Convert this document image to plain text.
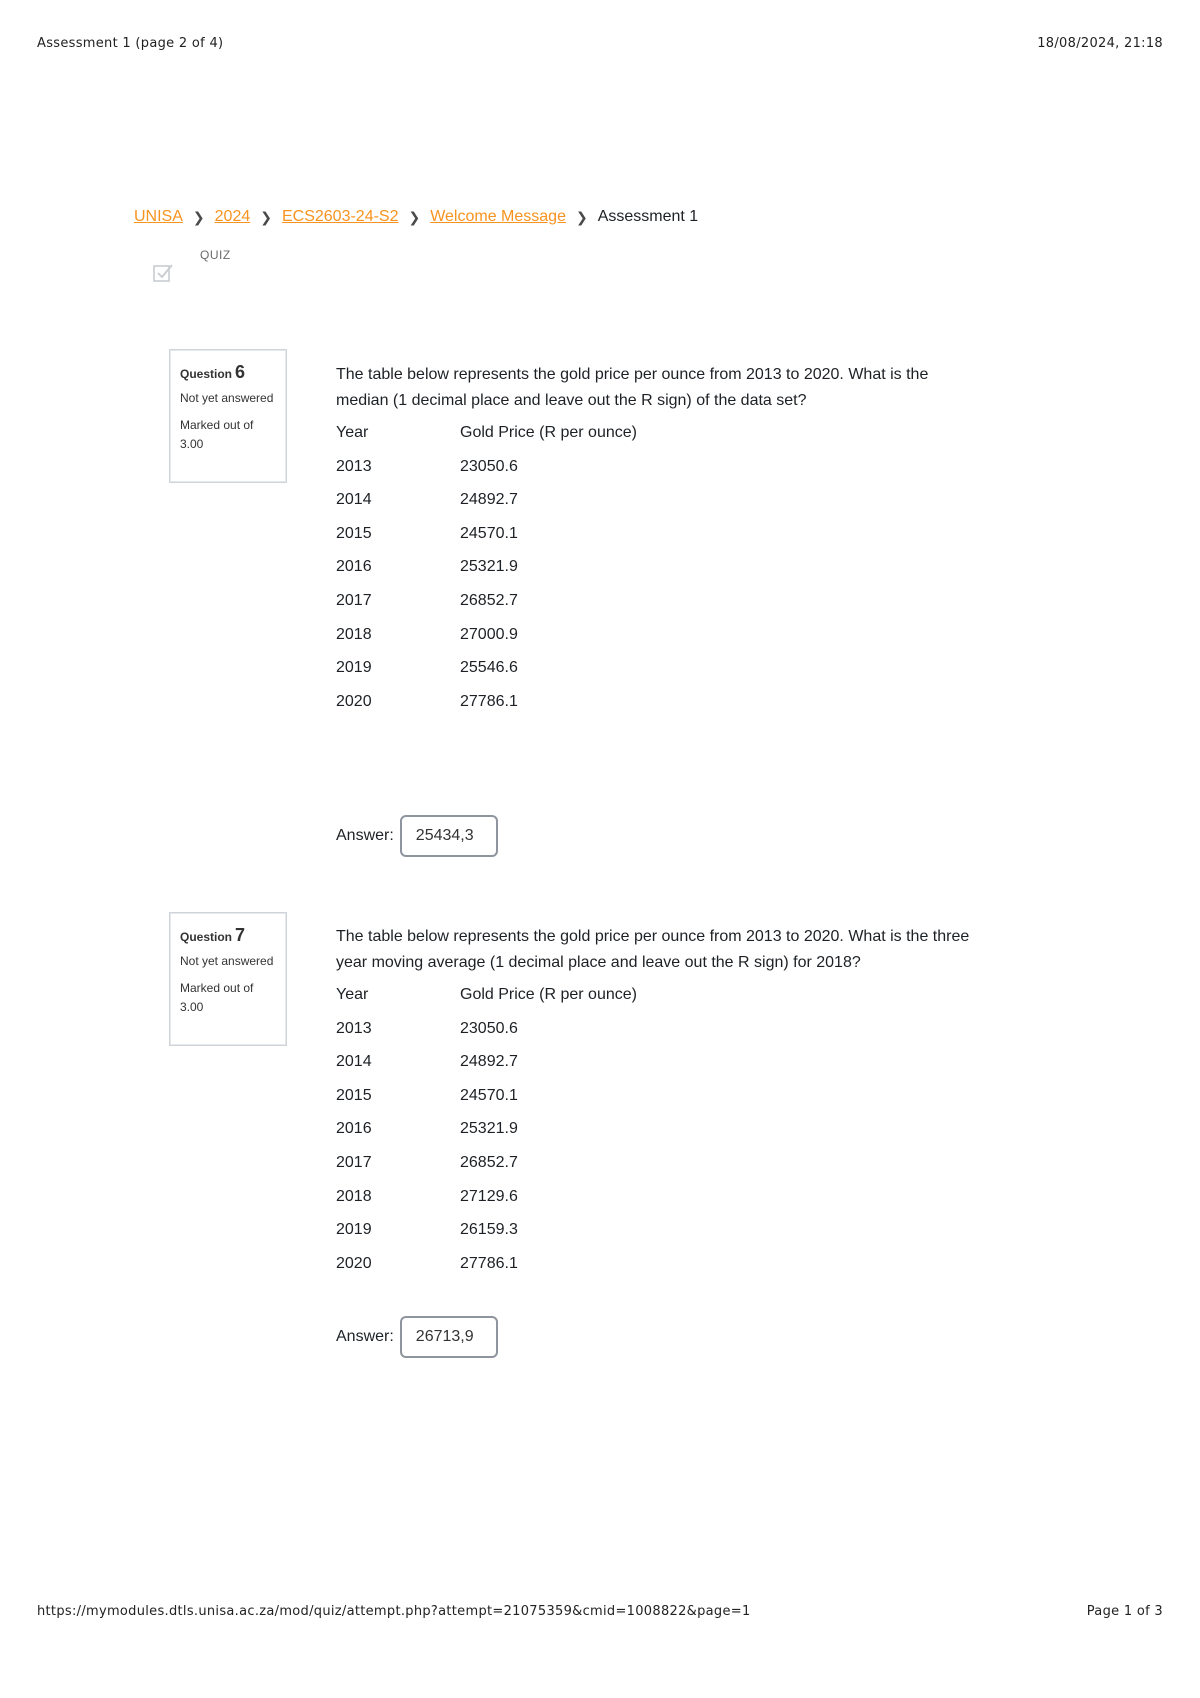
Assessment 1 (page 2 of 4)	18/08/2024, 21:18
UNISA ❯ 2024 ❯ ECS2603-24-S2 ❯ Welcome Message ❯ Assessment 1
QUIZ
Question 6
Not yet answered
Marked out of 3.00
The table below represents the gold price per ounce from 2013 to 2020. What is the median (1 decimal place and leave out the R sign) of the data set?
Year	Gold Price (R per ounce)
2013	23050.6
2014	24892.7
2015	24570.1
2016	25321.9
2017	26852.7
2018	27000.9
2019	25546.6
2020	27786.1
Answer:
25434,3
Question 7
Not yet answered
Marked out of 3.00
The table below represents the gold price per ounce from 2013 to 2020. What is the three year moving average (1 decimal place and leave out the R sign) for 2018?
Year	Gold Price (R per ounce)
2013	23050.6
2014	24892.7
2015	24570.1
2016	25321.9
2017	26852.7
2018	27129.6
2019	26159.3
2020	27786.1
Answer:
26713,9
https://mymodules.dtls.unisa.ac.za/mod/quiz/attempt.php?attempt=21075359&cmid=1008822&page=1	Page 1 of 3
